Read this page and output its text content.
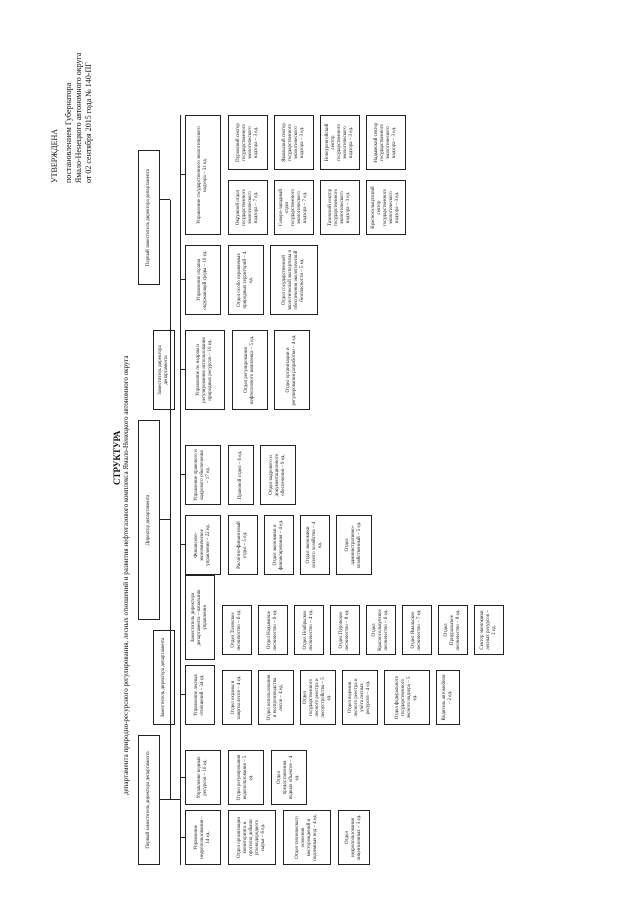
УТВЕРЖДЕНА постановлением Губернатора Ямало-Ненецкого автономного округа от 02 сентября 2015 года № 140-ПГ
СТРУКТУРА департамента природно-ресурсного регулирования, лесных отношений и развития нефтегазового комплекса Ямало-Ненецкого автономного округа
Первый заместитель директора департамента
Заместитель директора департамента
Директор департамента
Заместитель директора департамента
Первый заместитель директора департамента
Управление недропользования – 14 ед.
Управление водных ресурсов – 10 ед.
Отдел организации мониторинга и прогноза добычи углеводородного сырья – 6 ед.	Отдел технического освоения месторождений и подземных вод – 4 ед.	Отдел недропользования лицензионных – 3 ед.
Отдел регулирования водопользования – 5 ед.	Отдел предоставления водных объектов – 4 ед.
Управление лесных отношений – 34 ед.
Заместитель директора департамента – начальник управления
Отдел охраны и защиты лесов – 4 ед.	Отдел использования и воспроизводства лесов – 4 ед.	Отдел государственного лесного реестра и лесоустройства – 5 ед.	Отдел ведения лесного реестра и учёта лесных ресурсов – 4 ед.	Отдел федерального государственного лесного надзора – 5 ед.	Водитель автомобиля – 2 ед.
Отдел Тазовское лесничество – 6 ед.	Отдел Надымское лесничество – 6 ед.	Отдел Ноябрьское лесничество – 4 ед.	Отдел Пуровское лесничество – 8 ед.	Отдел Красноселькупское лесничество – 6 ед.	Отдел Ямальское лесничество – 7 ед.	Отдел Приуральское лесничество – 8 ед.	Сектор экономики лесных ресурсов – 2 ед.
Финансово-экономическое управление – 22 ед.	Расчётно-финансовый отдел – 5 ед.	Отдел экономики и финансирования – 4 ед.	Отдел экономики лесного хозяйства – 4 ед.	Отдел административно-хозяйственный – 5 ед.
Управление правового и кадрового обеспечения – 17 ед.	Правовой отдел – 6 ед.	Отдел кадрового и документационного обеспечения – 9 ед.
Управление по недрам и регулированию использования природных ресурсов – 10 ед.	Отдел регулирования нефтегазового комплекса – 5 ед.	Отдел организации и регулирования разработки – 4 ед.
Управление охраны окружающей среды – 10 ед.	Отдел особо охраняемых природных территорий – 4 ед.	Отдел государственной экологической экспертизы и обеспечения экологической безопасности – 5 ед.
Управление государственного экологического надзора – 31 ед.
Окружной отдел государственного экологического надзора – 7 ед.	Северо-западный отдел государственного экологического надзора – 7 ед.	Тазовский сектор государственного экологического надзора – 3 ед.	Красноселькупский сектор государственного экологического надзора – 3 ед.
Пуровский сектор государственного экологического надзора – 3 ед.	Ямальский сектор государственного экологического надзора – 3 ед.	Новоуренгойский сектор государственного экологического надзора – 3 ед.	Надымский сектор государственного экологического надзора – 3 ед.
